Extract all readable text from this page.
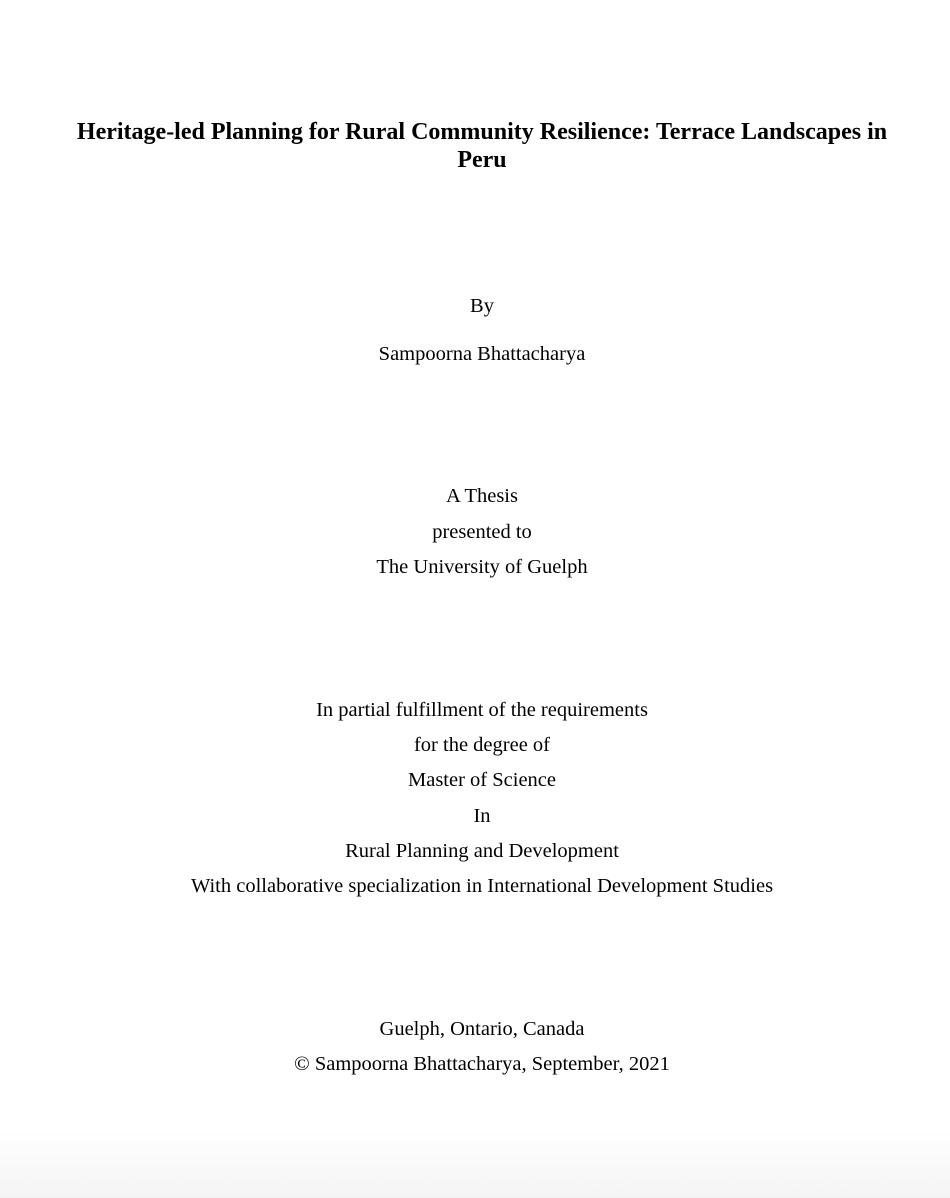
Heritage-led Planning for Rural Community Resilience: Terrace Landscapes in Peru
By
Sampoorna Bhattacharya
A Thesis
presented to
The University of Guelph
In partial fulfillment of the requirements
for the degree of
Master of Science
In
Rural Planning and Development
With collaborative specialization in International Development Studies
Guelph, Ontario, Canada
© Sampoorna Bhattacharya, September, 2021
